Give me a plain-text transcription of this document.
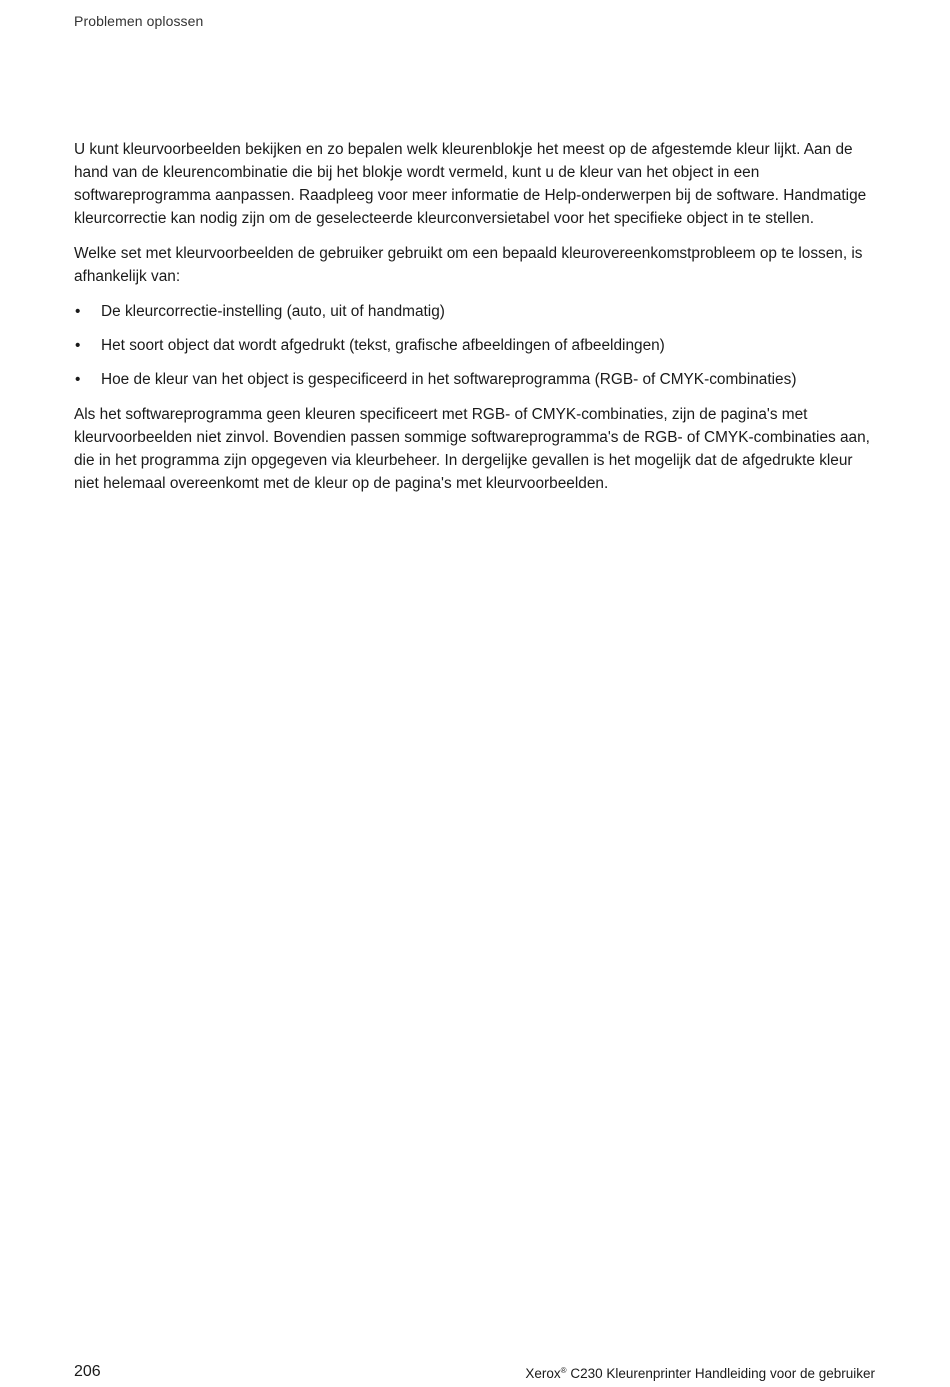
Problemen oplossen

U kunt kleurvoorbeelden bekijken en zo bepalen welk kleurenblokje het meest op de afgestemde kleur lijkt. Aan de hand van de kleurencombinatie die bij het blokje wordt vermeld, kunt u de kleur van het object in een softwareprogramma aanpassen. Raadpleeg voor meer informatie de Help-onderwerpen bij de software. Handmatige kleurcorrectie kan nodig zijn om de geselecteerde kleurconversietabel voor het specifieke object in te stellen.

Welke set met kleurvoorbeelden de gebruiker gebruikt om een bepaald kleurovereenkomstprobleem op te lossen, is afhankelijk van:

• De kleurcorrectie-instelling (auto, uit of handmatig)
• Het soort object dat wordt afgedrukt (tekst, grafische afbeeldingen of afbeeldingen)
• Hoe de kleur van het object is gespecificeerd in het softwareprogramma (RGB- of CMYK-combinaties)

Als het softwareprogramma geen kleuren specificeert met RGB- of CMYK-combinaties, zijn de pagina's met kleurvoorbeelden niet zinvol. Bovendien passen sommige softwareprogramma's de RGB- of CMYK-combinaties aan, die in het programma zijn opgegeven via kleurbeheer. In dergelijke gevallen is het mogelijk dat de afgedrukte kleur niet helemaal overeenkomt met de kleur op de pagina's met kleurvoorbeelden.

206	Xerox® C230 Kleurenprinter Handleiding voor de gebruiker
